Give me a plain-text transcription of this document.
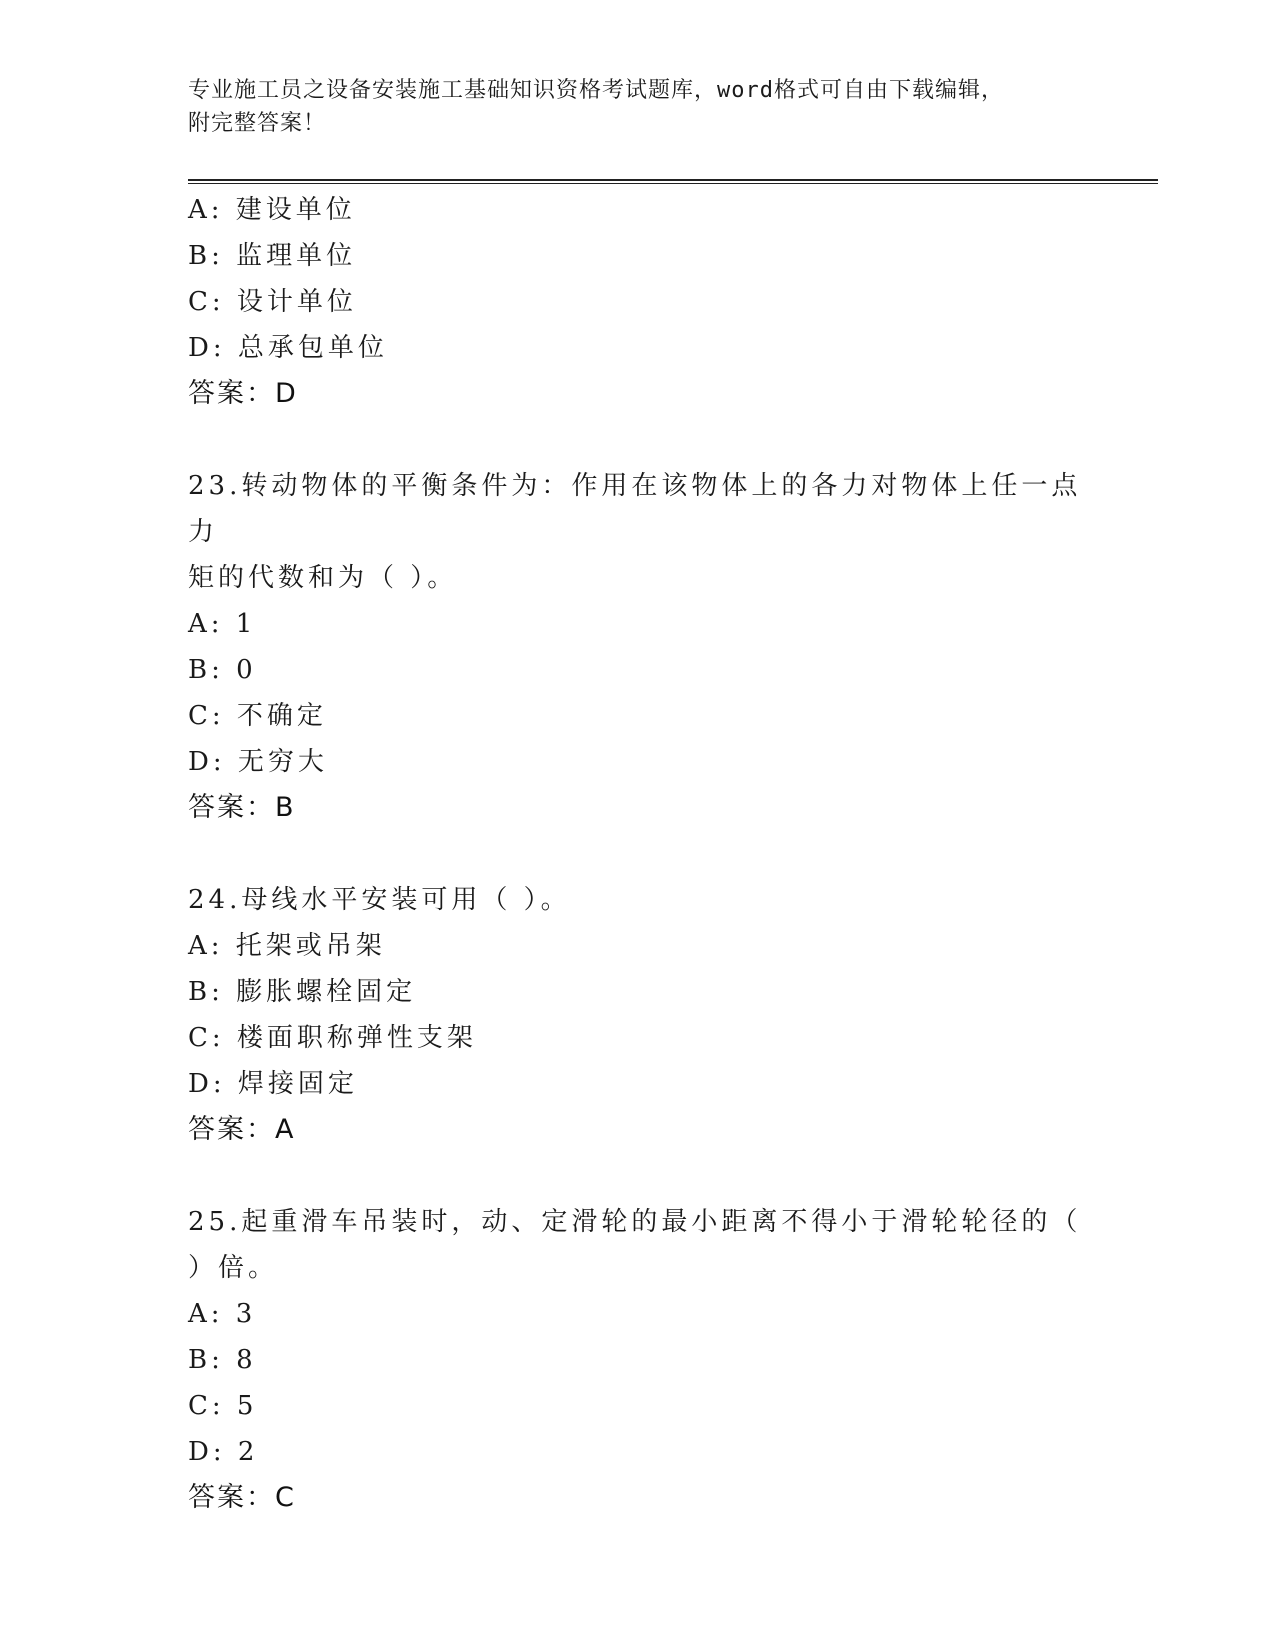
专业施工员之设备安装施工基础知识资格考试题库，word格式可自由下载编辑，
附完整答案！
A: 建设单位
B: 监理单位
C: 设计单位
D: 总承包单位
答案：D
23.转动物体的平衡条件为：作用在该物体上的各力对物体上任一点力
矩的代数和为（ ）。
A: 1
B: 0
C: 不确定
D: 无穷大
答案：B
24.母线水平安装可用（ ）。
A: 托架或吊架
B: 膨胀螺栓固定
C: 楼面职称弹性支架
D: 焊接固定
答案：A
25.起重滑车吊装时，动、定滑轮的最小距离不得小于滑轮轮径的（
）倍。
A: 3
B: 8
C: 5
D: 2
答案：C
